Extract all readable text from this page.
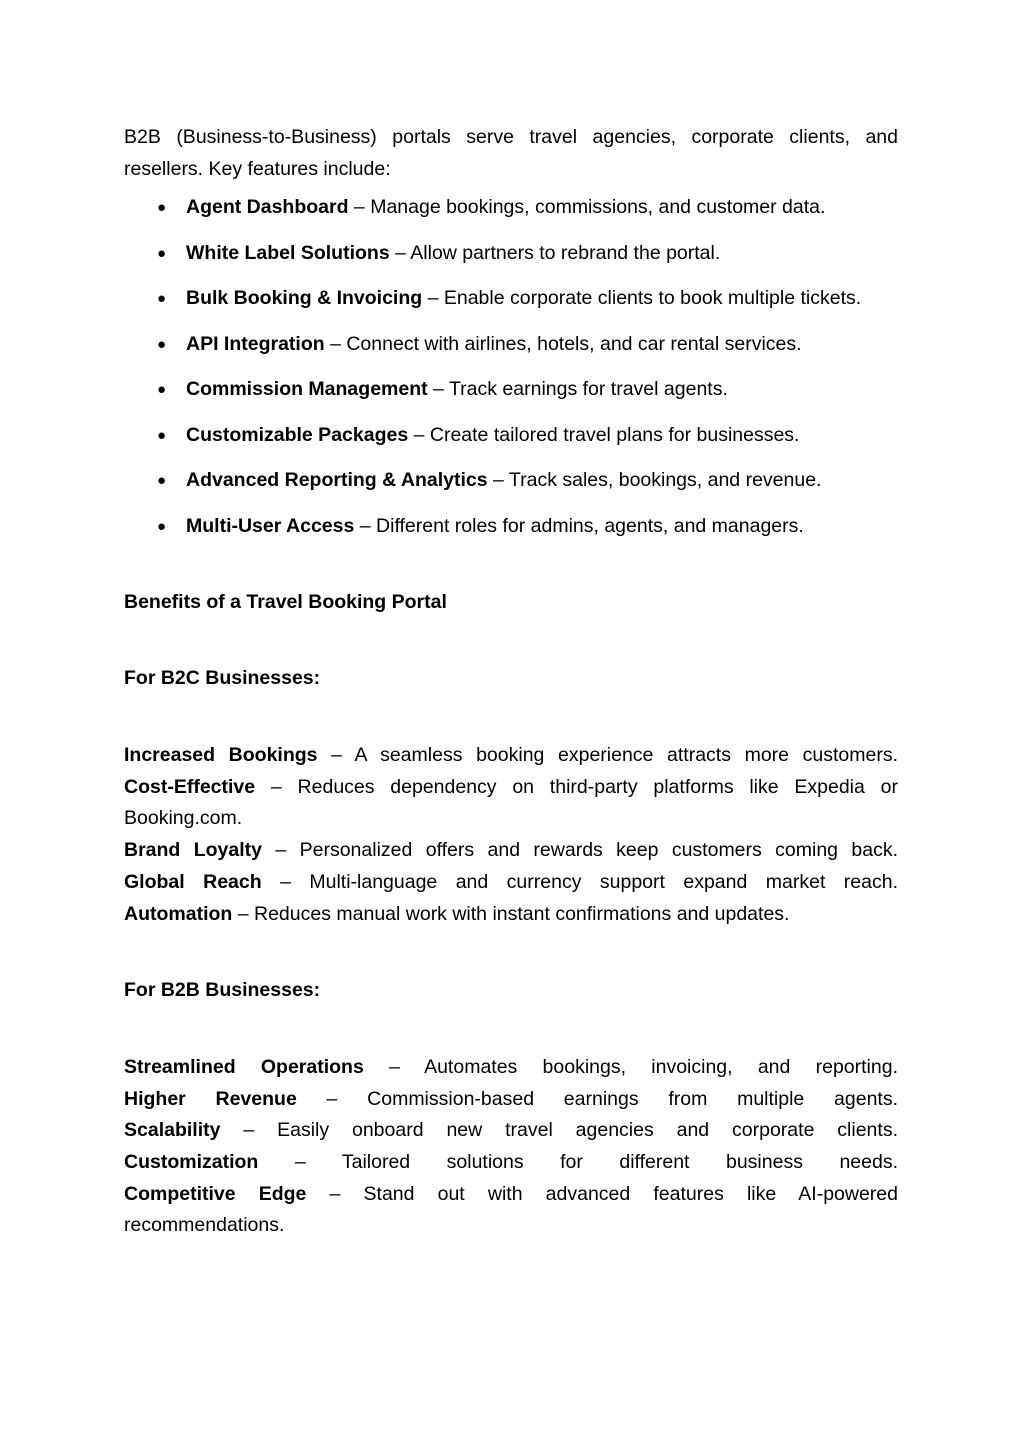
B2B (Business-to-Business) portals serve travel agencies, corporate clients, and resellers. Key features include:

● Agent Dashboard – Manage bookings, commissions, and customer data.
● White Label Solutions – Allow partners to rebrand the portal.
● Bulk Booking & Invoicing – Enable corporate clients to book multiple tickets.
● API Integration – Connect with airlines, hotels, and car rental services.
● Commission Management – Track earnings for travel agents.
● Customizable Packages – Create tailored travel plans for businesses.
● Advanced Reporting & Analytics – Track sales, bookings, and revenue.
● Multi-User Access – Different roles for admins, agents, and managers.

Benefits of a Travel Booking Portal

For B2C Businesses:

Increased Bookings – A seamless booking experience attracts more customers.

Cost-Effective – Reduces dependency on third-party platforms like Expedia or Booking.com.

Brand Loyalty – Personalized offers and rewards keep customers coming back.

Global Reach – Multi-language and currency support expand market reach.

Automation – Reduces manual work with instant confirmations and updates.

For B2B Businesses:

Streamlined Operations – Automates bookings, invoicing, and reporting.

Higher Revenue – Commission-based earnings from multiple agents.

Scalability – Easily onboard new travel agencies and corporate clients.

Customization – Tailored solutions for different business needs.

Competitive Edge – Stand out with advanced features like AI-powered recommendations.
